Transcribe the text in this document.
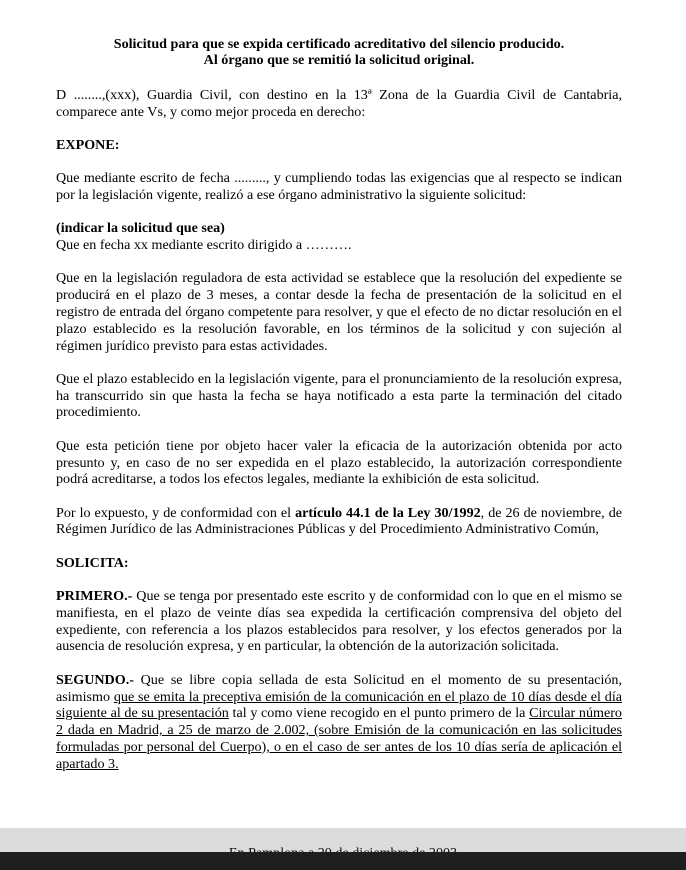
Solicitud para que se expida certificado acreditativo del silencio producido.
Al órgano que se remitió la solicitud original.

D ........,(xxx), Guardia Civil, con destino en la 13ª Zona de la Guardia Civil de Cantabria, comparece ante Vs, y como mejor proceda en derecho:

EXPONE:

Que mediante escrito de fecha ........., y cumpliendo todas las exigencias que al respecto se indican por la legislación vigente, realizó a ese órgano administrativo la siguiente solicitud:

(indicar la solicitud que sea)

Que en fecha xx mediante escrito dirigido a ……….

Que en la legislación reguladora de esta actividad se establece que la resolución del expediente se producirá en el plazo de 3 meses, a contar desde la fecha de presentación de la solicitud en el registro de entrada del órgano competente para resolver, y que el efecto de no dictar resolución en el plazo establecido es la resolución favorable, en los términos de la solicitud y con sujeción al régimen jurídico previsto para estas actividades.

Que el plazo establecido en la legislación vigente, para el pronunciamiento de la resolución expresa, ha transcurrido sin que hasta la fecha se haya notificado a esta parte la terminación del citado procedimiento.

Que esta petición tiene por objeto hacer valer la eficacia de la autorización obtenida por acto presunto y, en caso de no ser expedida en el plazo establecido, la autorización correspondiente podrá acreditarse, a todos los efectos legales, mediante la exhibición de esta solicitud.

Por lo expuesto, y de conformidad con el artículo 44.1 de la Ley 30/1992, de 26 de noviembre, de Régimen Jurídico de las Administraciones Públicas y del Procedimiento Administrativo Común,

SOLICITA:

PRIMERO.- Que se tenga por presentado este escrito y de conformidad con lo que en el mismo se manifiesta, en el plazo de veinte días sea expedida la certificación comprensiva del objeto del expediente, con referencia a los plazos establecidos para resolver, y los efectos generados por la ausencia de resolución expresa, y en particular, la obtención de la autorización solicitada.

SEGUNDO.- Que se libre copia sellada de esta Solicitud en el momento de su presentación, asimismo que se emita la preceptiva emisión de la comunicación en el plazo de 10 días desde el día siguiente al de su presentación tal y como viene recogido en el punto primero de la Circular número 2 dada en Madrid, a 25 de marzo de 2.002, (sobre Emisión de la comunicación en las solicitudes formuladas por personal del Cuerpo), o en el caso de ser antes de los 10 días sería de aplicación el apartado 3.
